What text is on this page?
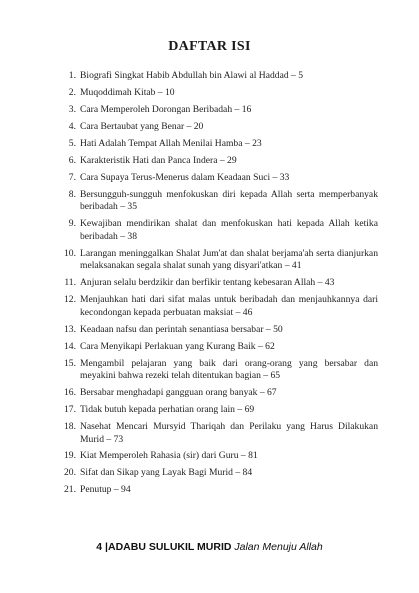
DAFTAR ISI
1. Biografi Singkat Habib Abdullah bin Alawi al Haddad – 5
2. Muqoddimah Kitab – 10
3. Cara Memperoleh Dorongan Beribadah – 16
4. Cara Bertaubat yang Benar – 20
5. Hati Adalah Tempat Allah Menilai Hamba – 23
6. Karakteristik Hati dan Panca Indera – 29
7. Cara Supaya Terus-Menerus dalam Keadaan Suci – 33
8. Bersungguh-sungguh menfokuskan diri kepada Allah serta memperbanyak beribadah – 35
9. Kewajiban mendirikan shalat dan menfokuskan hati kepada Allah ketika beribadah – 38
10. Larangan meninggalkan Shalat Jum'at dan shalat berjama'ah serta dianjurkan melaksanakan segala shalat sunah yang disyari'atkan – 41
11. Anjuran selalu berdzikir dan berfikir tentang kebesaran Allah – 43
12. Menjauhkan hati dari sifat malas untuk beribadah dan menjauhkannya dari kecondongan kepada perbuatan maksiat – 46
13. Keadaan nafsu dan perintah senantiasa bersabar – 50
14. Cara Menyikapi Perlakuan yang Kurang Baik – 62
15. Mengambil pelajaran yang baik dari orang-orang yang bersabar dan meyakini bahwa rezeki telah ditentukan bagian – 65
16. Bersabar menghadapi gangguan orang banyak – 67
17. Tidak butuh kepada perhatian orang lain – 69
18. Nasehat Mencari Mursyid Thariqah dan Perilaku yang Harus Dilakukan Murid – 73
19. Kiat Memperoleh Rahasia (sir) dari Guru – 81
20. Sifat dan Sikap yang Layak Bagi Murid – 84
21. Penutup – 94
4 |ADABU SULUKIL MURID Jalan Menuju Allah
